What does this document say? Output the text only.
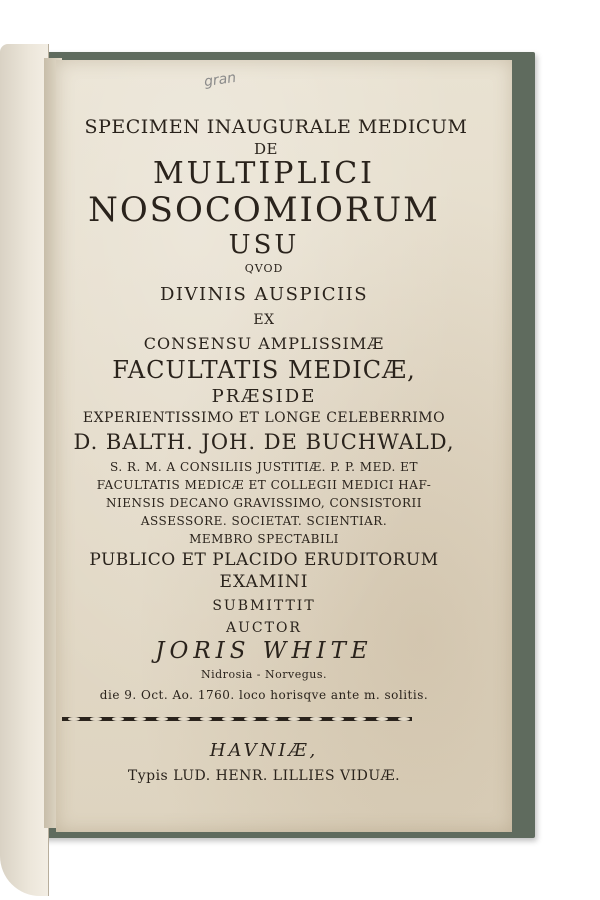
gran
SPECIMEN INAUGURALE MEDICUM
DE
MULTIPLICI
NOSOCOMIORUM
USU
QVOD
DIVINIS AUSPICIIS
EX
CONSENSU AMPLISSIMÆ
FACULTATIS MEDICÆ,
PRÆSIDE
EXPERIENTISSIMO ET LONGE CELEBERRIMO
D. BALTH. JOH. DE BUCHWALD,
S. R. M. A CONSILIIS JUSTITIÆ. P. P. MED. ET
FACULTATIS MEDICÆ ET COLLEGII MEDICI HAF-
NIENSIS DECANO GRAVISSIMO, CONSISTORII
ASSESSORE. SOCIETAT. SCIENTIAR.
MEMBRO SPECTABILI
PUBLICO ET PLACIDO ERUDITORUM
EXAMINI
SUBMITTIT
AUCTOR
JORIS WHITE
Nidrosia - Norvegus.
die 9. Oct. Ao. 1760. loco horisqve ante m. solitis.
HAVNIÆ,
Typis LUD. HENR. LILLIES VIDUÆ.
